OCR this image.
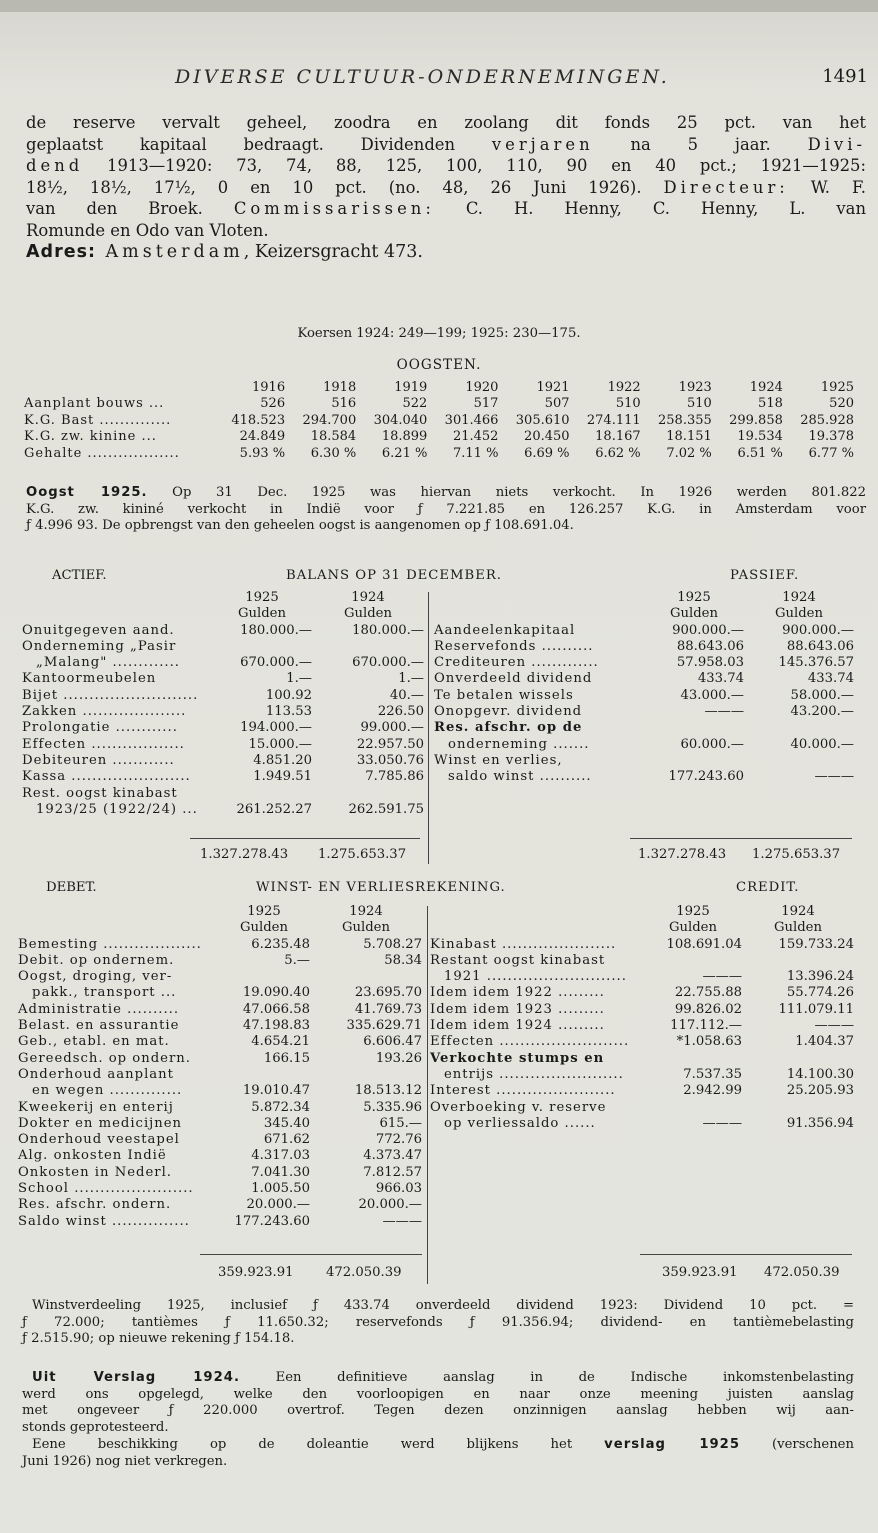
DIVERSE CULTUUR-ONDERNEMINGEN.	1491

de reserve vervalt geheel, zoodra en zoolang dit fonds 25 pct. van het

geplaatst kapitaal bedraagt. Dividenden verjaren na 5 jaar. Divi-

dend 1913—1920: 73, 74, 88, 125, 100, 110, 90 en 40 pct.; 1921—1925:

18½, 18½, 17½, 0 en 10 pct. (no. 48, 26 Juni 1926). Directeur: W. F.

van den Broek. Commissarissen: C. H. Henny, C. Henny, L. van

Romunde en Odo van Vloten.

Adres: Amsterdam, Keizersgracht 473.

Koersen 1924: 249—199; 1925: 230—175.
OOGSTEN.
	1916	1918	1919	1920	1921	1922	1923	1924	1925
Aanplant bouws ...	526	516	522	517	507	510	510	518	520
K.G. Bast ..............	418.523	294.700	304.040	301.466	305.610	274.111	258.355	299.858	285.928
K.G. zw. kinine ...	24.849	18.584	18.899	21.452	20.450	18.167	18.151	19.534	19.378
Gehalte ..................	5.93 %	6.30 %	6.21 %	7.11 %	6.69 %	6.62 %	7.02 %	6.51 %	6.77 %
Oogst 1925. Op 31 Dec. 1925 was hiervan niets verkocht. In 1926 werden 801.822
K.G. zw. kininé verkocht in Indië voor ƒ 7.221.85 en 126.257 K.G. in Amsterdam voor
ƒ 4.996 93. De opbrengst van den geheelen oogst is aangenomen op ƒ 108.691.04.
ACTIEF.	BALANS OP 31 DECEMBER.	PASSIEF.
	1925	1924
	Gulden	Gulden
Onuitgegeven aand.	180.000.—	180.000.—
Onderneming „Pasir		
„Malang" .............	670.000.—	670.000.—
Kantoormeubelen	1.—	1.—
Bijet ..........................	100.92	40.—
Zakken ....................	113.53	226.50
Prolongatie ............	194.000.—	99.000.—
Effecten ..................	15.000.—	22.957.50
Debiteuren ............	4.851.20	33.050.76
Kassa .......................	1.949.51	7.785.86
Rest. oogst kinabast		
1923/25 (1922/24) ...	261.252.27	262.591.75
1.327.278.43 1.275.653.37
	1925	1924
	Gulden	Gulden
Aandeelenkapitaal	900.000.—	900.000.—
Reservefonds ..........	88.643.06	88.643.06
Crediteuren .............	57.958.03	145.376.57
Onverdeeld dividend	433.74	433.74
Te betalen wissels	43.000.—	58.000.—
Onopgevr. dividend	———	43.200.—
Res. afschr. op de		
onderneming .......	60.000.—	40.000.—
Winst en verlies,		
saldo winst ..........	177.243.60	———
1.327.278.43 1.275.653.37
DEBET.	WINST- EN VERLIESREKENING.	CREDIT.
	1925	1924
	Gulden	Gulden
Bemesting ...................	6.235.48	5.708.27
Debit. op ondernem.	5.—	58.34
Oogst, droging, ver-		
pakk., transport ...	19.090.40	23.695.70
Administratie ..........	47.066.58	41.769.73
Belast. en assurantie	47.198.83	335.629.71
Geb., etabl. en mat.	4.654.21	6.606.47
Gereedsch. op ondern.	166.15	193.26
Onderhoud aanplant		
en wegen ..............	19.010.47	18.513.12
Kweekerij en enterij	5.872.34	5.335.96
Dokter en medicijnen	345.40	615.—
Onderhoud veestapel	671.62	772.76
Alg. onkosten Indië	4.317.03	4.373.47
Onkosten in Nederl.	7.041.30	7.812.57
School .......................	1.005.50	966.03
Res. afschr. ondern.	20.000.—	20.000.—
Saldo winst ...............	177.243.60	———
359.923.91 472.050.39
	1925	1924
	Gulden	Gulden
Kinabast ......................	108.691.04	159.733.24
Restant oogst kinabast		
1921 ...........................	———	13.396.24
Idem idem 1922 .........	22.755.88	55.774.26
Idem idem 1923 .........	99.826.02	111.079.11
Idem idem 1924 .........	117.112.—	———
Effecten .........................	*1.058.63	1.404.37
Verkochte stumps en		
entrijs ........................	7.537.35	14.100.30
Interest .......................	2.942.99	25.205.93
Overboeking v. reserve		
op verliessaldo ......	———	91.356.94
359.923.91 472.050.39
Winstverdeeling 1925, inclusief ƒ 433.74 onverdeeld dividend 1923: Dividend 10 pct. =
ƒ 72.000; tantièmes ƒ 11.650.32; reservefonds ƒ 91.356.94; dividend- en tantièmebelasting
ƒ 2.515.90; op nieuwe rekening ƒ 154.18.
Uit Verslag 1924. Een definitieve aanslag in de Indische inkomstenbelasting
werd ons opgelegd, welke den voorloopigen en naar onze meening juisten aanslag
met ongeveer ƒ 220.000 overtrof. Tegen dezen onzinnigen aanslag hebben wij aan-
stonds geprotesteerd.
Eene beschikking op de doleantie werd blijkens het verslag 1925 (verschenen
Juni 1926) nog niet verkregen.
